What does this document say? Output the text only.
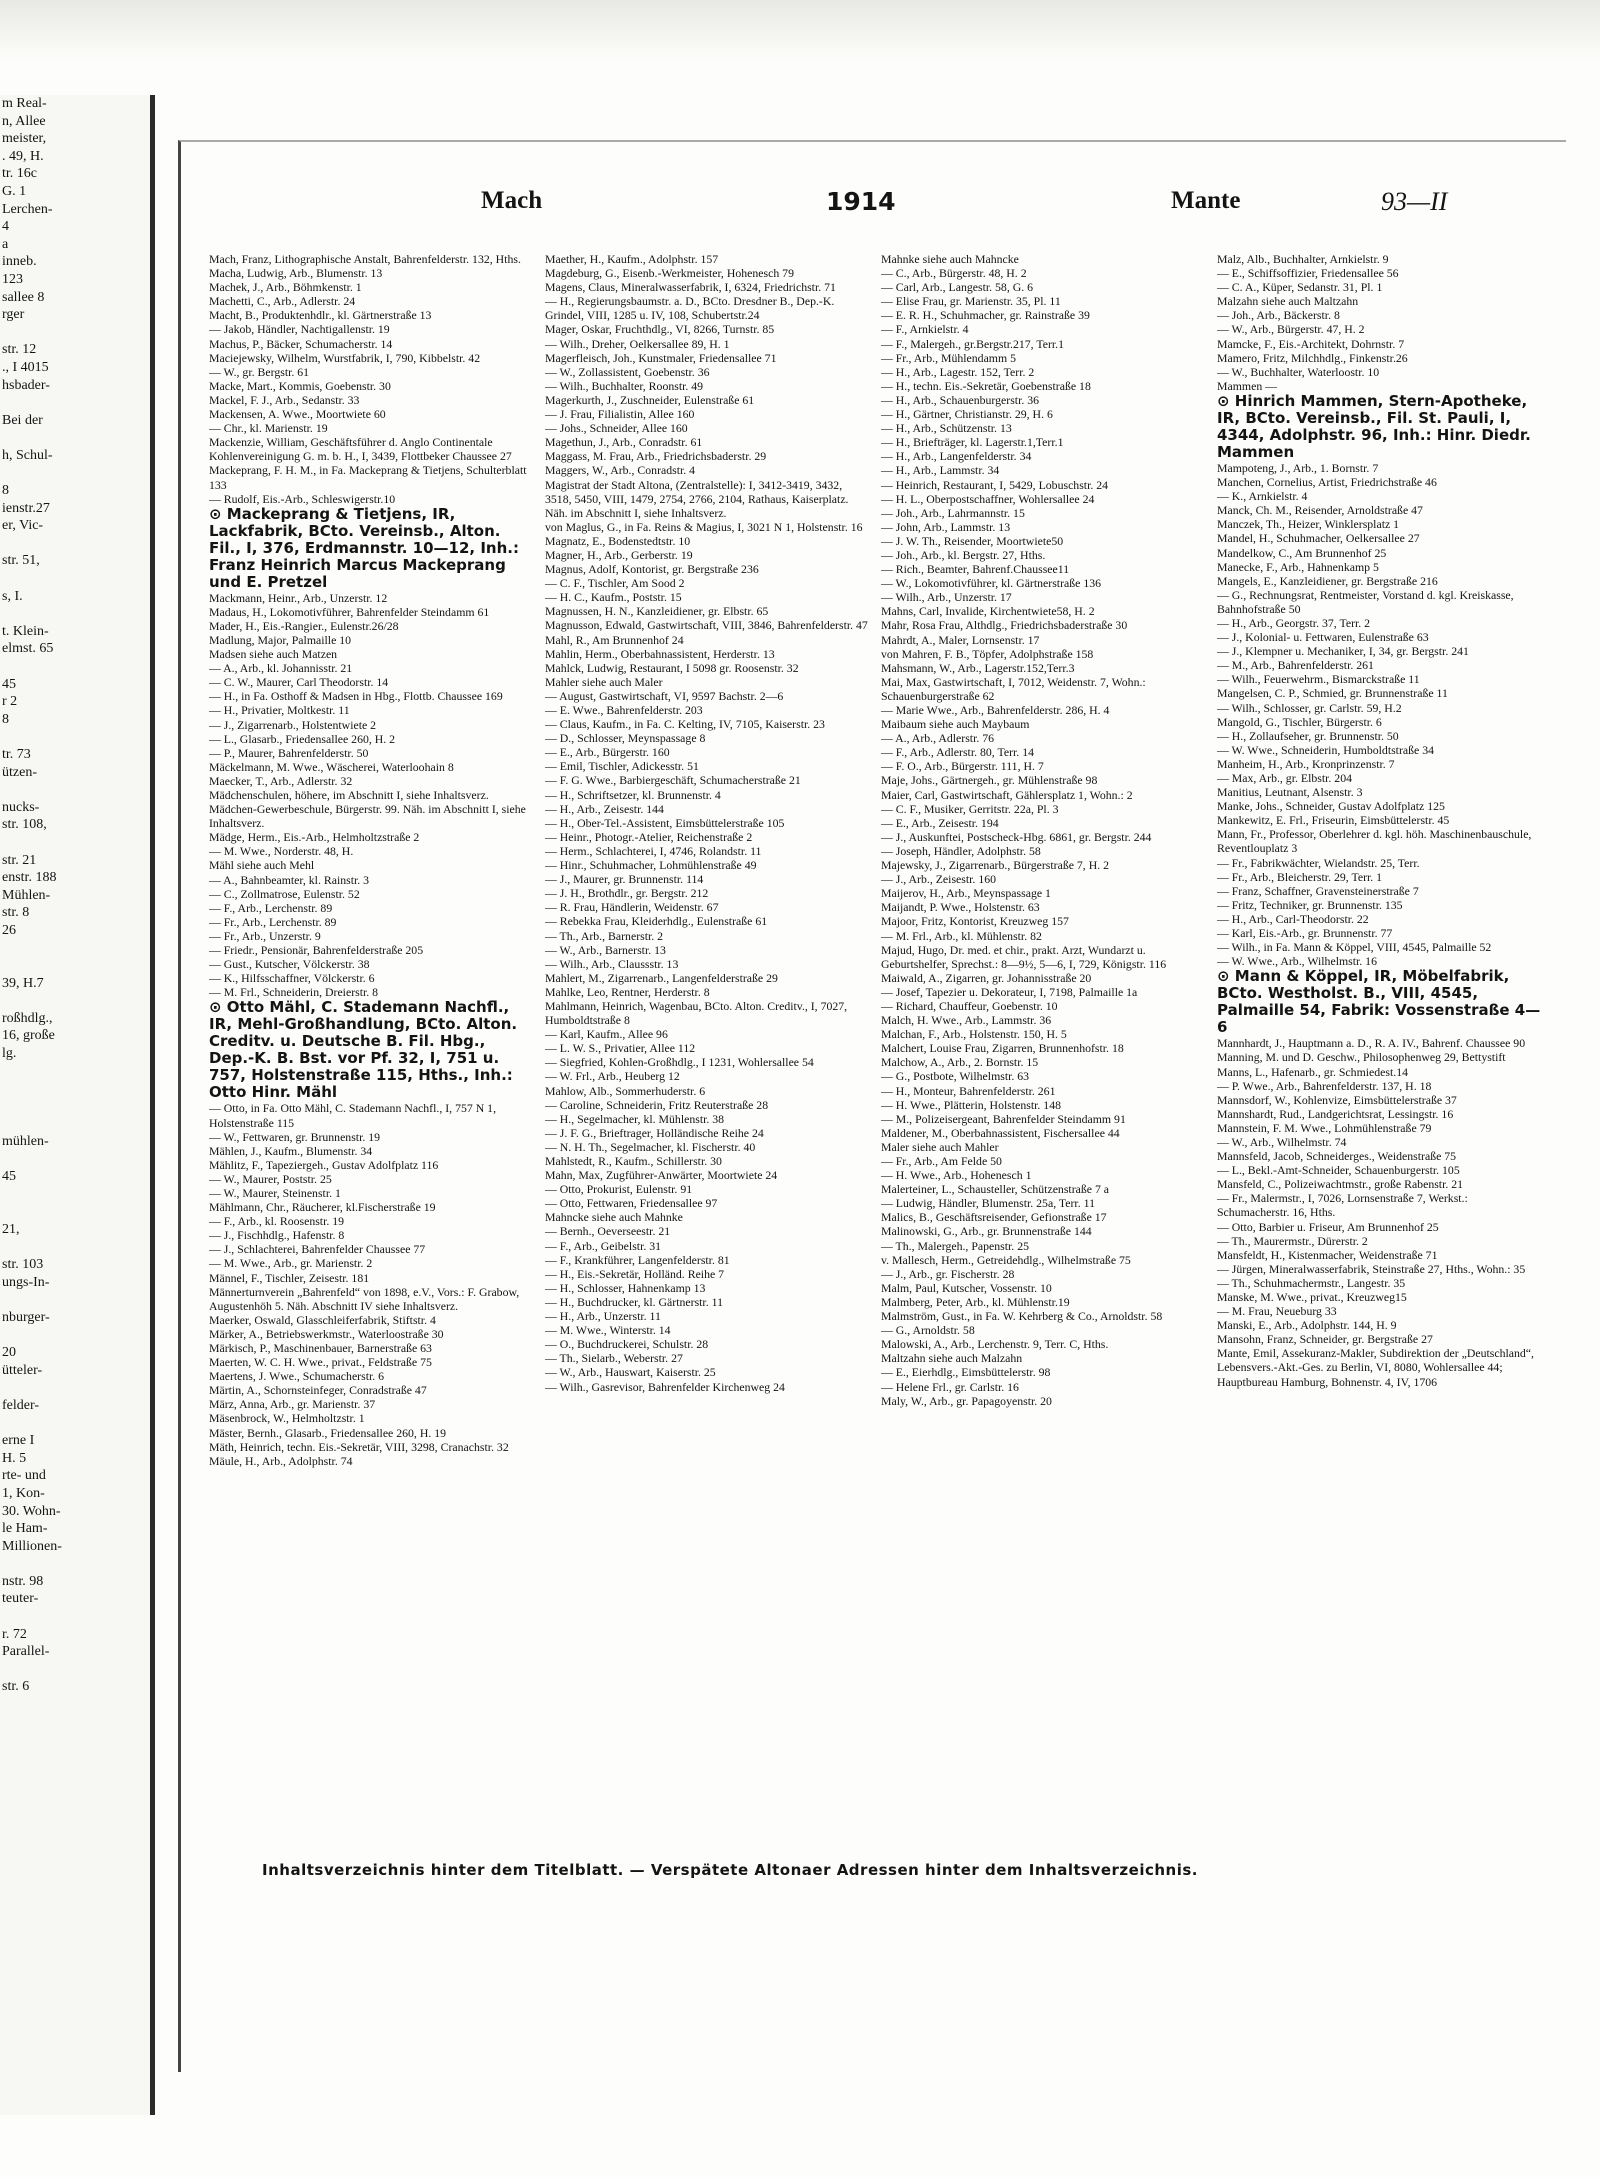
m Real-
n, Allee
meister,
. 49, H.
tr. 16c
G. 1
Lerchen-
4
a
inneb.
123
sallee 8
rger

str. 12
., I 4015
hsbader-

Bei der

h, Schul-

8
ienstr.27
er, Vic-

str. 51,

s, I.

t. Klein-
elmst. 65

45
r 2
8

tr. 73
ützen-

nucks-
str. 108,

str. 21
enstr. 188
Mühlen-
str. 8
26

39, H.7

roßhdlg.,
16, große
lg.

mühlen-

45

21,

str. 103
ungs-In-

nburger-

20
ütteler-

felder-

erne I
H. 5
rte- und
1, Kon-
30. Wohn-
le Ham-
Millionen-

nstr. 98
teuter-

r. 72
Parallel-

str. 6
Mach	1914	Mante	93—II
Mach, Franz, Lithographische Anstalt, Bahrenfelderstr. 132, Hths.
Macha, Ludwig, Arb., Blumenstr. 13
Machek, J., Arb., Böhmkenstr. 1
Machetti, C., Arb., Adlerstr. 24
Macht, B., Produktenhdlr., kl. Gärtnerstraße 13
— Jakob, Händler, Nachtigallenstr. 19
Machus, P., Bäcker, Schumacherstr. 14
Maciejewsky, Wilhelm, Wurstfabrik, I, 790, Kibbelstr. 42
— W., gr. Bergstr. 61
Macke, Mart., Kommis, Goebenstr. 30
Mackel, F. J., Arb., Sedanstr. 33
Mackensen, A. Wwe., Moortwiete 60
— Chr., kl. Marienstr. 19
Mackenzie, William, Geschäftsführer d. Anglo Continentale Kohlenvereinigung G. m. b. H., I, 3439, Flottbeker Chaussee 27
Mackeprang, F. H. M., in Fa. Mackeprang & Tietjens, Schulterblatt 133
— Rudolf, Eis.-Arb., Schleswigerstr.10
⊙ Mackeprang & Tietjens, IR, Lackfabrik, BCto. Vereinsb., Alton. Fil., I, 376, Erdmannstr. 10—12, Inh.: Franz Heinrich Marcus Mackeprang und E. Pretzel
Mackmann, Heinr., Arb., Unzerstr. 12
Madaus, H., Lokomotivführer, Bahrenfelder Steindamm 61
Mader, H., Eis.-Rangier., Eulenstr.26/28
Madlung, Major, Palmaille 10
Madsen siehe auch Matzen
— A., Arb., kl. Johannisstr. 21
— C. W., Maurer, Carl Theodorstr. 14
— H., in Fa. Osthoff & Madsen in Hbg., Flottb. Chaussee 169
— H., Privatier, Moltkestr. 11
— J., Zigarrenarb., Holstentwiete 2
— L., Glasarb., Friedensallee 260, H. 2
— P., Maurer, Bahrenfelderstr. 50
Mäckelmann, M. Wwe., Wäscherei, Waterloohain 8
Maecker, T., Arb., Adlerstr. 32
Mädchenschulen, höhere, im Abschnitt I, siehe Inhaltsverz.
Mädchen-Gewerbeschule, Bürgerstr. 99. Näh. im Abschnitt I, siehe Inhaltsverz.
Mädge, Herm., Eis.-Arb., Helmholtzstraße 2
— M. Wwe., Norderstr. 48, H.
Mähl siehe auch Mehl
— A., Bahnbeamter, kl. Rainstr. 3
— C., Zollmatrose, Eulenstr. 52
— F., Arb., Lerchenstr. 89
— Fr., Arb., Lerchenstr. 89
— Fr., Arb., Unzerstr. 9
— Friedr., Pensionär, Bahrenfelderstraße 205
— Gust., Kutscher, Völckerstr. 38
— K., Hilfsschaffner, Völckerstr. 6
— M. Frl., Schneiderin, Dreierstr. 8
⊙ Otto Mähl, C. Stademann Nachfl., IR, Mehl-Großhandlung, BCto. Alton. Creditv. u. Deutsche B. Fil. Hbg., Dep.-K. B. Bst. vor Pf. 32, I, 751 u. 757, Holstenstraße 115, Hths., Inh.: Otto Hinr. Mähl
— Otto, in Fa. Otto Mähl, C. Stademann Nachfl., I, 757 N 1, Holstenstraße 115
— W., Fettwaren, gr. Brunnenstr. 19
Mählen, J., Kaufm., Blumenstr. 34
Mählitz, F., Tapeziergeh., Gustav Adolfplatz 116
— W., Maurer, Poststr. 25
— W., Maurer, Steinenstr. 1
Mählmann, Chr., Räucherer, kl.Fischerstraße 19
— F., Arb., kl. Roosenstr. 19
— J., Fischhdlg., Hafenstr. 8
— J., Schlachterei, Bahrenfelder Chaussee 77
— M. Wwe., Arb., gr. Marienstr. 2
Männel, F., Tischler, Zeisestr. 181
Männerturnverein „Bahrenfeld“ von 1898, e.V., Vors.: F. Grabow, Augustenhöh 5. Näh. Abschnitt IV siehe Inhaltsverz.
Maerker, Oswald, Glasschleiferfabrik, Stiftstr. 4
Märker, A., Betriebswerkmstr., Waterloostraße 30
Märkisch, P., Maschinenbauer, Barnerstraße 63
Maerten, W. C. H. Wwe., privat., Feldstraße 75
Maertens, J. Wwe., Schumacherstr. 6
Märtin, A., Schornsteinfeger, Conradstraße 47
März, Anna, Arb., gr. Marienstr. 37
Mäsenbrock, W., Helmholtzstr. 1
Mäster, Bernh., Glasarb., Friedensallee 260, H. 19
Mäth, Heinrich, techn. Eis.-Sekretär, VIII, 3298, Cranachstr. 32
Mäule, H., Arb., Adolphstr. 74
Maether, H., Kaufm., Adolphstr. 157
Magdeburg, G., Eisenb.-Werkmeister, Hohenesch 79
Magens, Claus, Mineralwasserfabrik, I, 6324, Friedrichstr. 71
— H., Regierungsbaumstr. a. D., BCto. Dresdner B., Dep.-K. Grindel, VIII, 1285 u. IV, 108, Schubertstr.24
Mager, Oskar, Fruchthdlg., VI, 8266, Turnstr. 85
— Wilh., Dreher, Oelkersallee 89, H. 1
Magerfleisch, Joh., Kunstmaler, Friedensallee 71
— W., Zollassistent, Goebenstr. 36
— Wilh., Buchhalter, Roonstr. 49
Magerkurth, J., Zuschneider, Eulenstraße 61
— J. Frau, Filialistin, Allee 160
— Johs., Schneider, Allee 160
Magethun, J., Arb., Conradstr. 61
Maggass, M. Frau, Arb., Friedrichsbaderstr. 29
Maggers, W., Arb., Conradstr. 4
Magistrat der Stadt Altona, (Zentralstelle): I, 3412-3419, 3432, 3518, 5450, VIII, 1479, 2754, 2766, 2104, Rathaus, Kaiserplatz. Näh. im Abschnitt I, siehe Inhaltsverz.
von Maglus, G., in Fa. Reins & Magius, I, 3021 N 1, Holstenstr. 16
Magnatz, E., Bodenstedtstr. 10
Magner, H., Arb., Gerberstr. 19
Magnus, Adolf, Kontorist, gr. Bergstraße 236
— C. F., Tischler, Am Sood 2
— H. C., Kaufm., Poststr. 15
Magnussen, H. N., Kanzleidiener, gr. Elbstr. 65
Magnusson, Edwald, Gastwirtschaft, VIII, 3846, Bahrenfelderstr. 47
Mahl, R., Am Brunnenhof 24
Mahlin, Herm., Oberbahnassistent, Herderstr. 13
Mahlck, Ludwig, Restaurant, I 5098 gr. Roosenstr. 32
Mahler siehe auch Maler
— August, Gastwirtschaft, VI, 9597 Bachstr. 2—6
— E. Wwe., Bahrenfelderstr. 203
— Claus, Kaufm., in Fa. C. Kelting, IV, 7105, Kaiserstr. 23
— D., Schlosser, Meynspassage 8
— E., Arb., Bürgerstr. 160
— Emil, Tischler, Adickesstr. 51
— F. G. Wwe., Barbiergeschäft, Schumacherstraße 21
— H., Schriftsetzer, kl. Brunnenstr. 4
— H., Arb., Zeisestr. 144
— H., Ober-Tel.-Assistent, Eimsbüttelerstraße 105
— Heinr., Photogr.-Atelier, Reichenstraße 2
— Herm., Schlachterei, I, 4746, Rolandstr. 11
— Hinr., Schuhmacher, Lohmühlenstraße 49
— J., Maurer, gr. Brunnenstr. 114
— J. H., Brothdlr., gr. Bergstr. 212
— R. Frau, Händlerin, Weidenstr. 67
— Rebekka Frau, Kleiderhdlg., Eulenstraße 61
— Th., Arb., Barnerstr. 2
— W., Arb., Barnerstr. 13
— Wilh., Arb., Claussstr. 13
Mahlert, M., Zigarrenarb., Langenfelderstraße 29
Mahlke, Leo, Rentner, Herderstr. 8
Mahlmann, Heinrich, Wagenbau, BCto. Alton. Creditv., I, 7027, Humboldtstraße 8
— Karl, Kaufm., Allee 96
— L. W. S., Privatier, Allee 112
— Siegfried, Kohlen-Großhdlg., I 1231, Wohlersallee 54
— W. Frl., Arb., Heuberg 12
Mahlow, Alb., Sommerhuderstr. 6
— Caroline, Schneiderin, Fritz Reuterstraße 28
— H., Segelmacher, kl. Mühlenstr. 38
— J. F. G., Brieftrager, Holländische Reihe 24
— N. H. Th., Segelmacher, kl. Fischerstr. 40
Mahlstedt, R., Kaufm., Schillerstr. 30
Mahn, Max, Zugführer-Anwärter, Moortwiete 24
— Otto, Prokurist, Eulenstr. 91
— Otto, Fettwaren, Friedensallee 97
Mahncke siehe auch Mahnke
— Bernh., Oeverseestr. 21
— F., Arb., Geibelstr. 31
— F., Krankführer, Langenfelderstr. 81
— H., Eis.-Sekretär, Holländ. Reihe 7
— H., Schlosser, Hahnenkamp 13
— H., Buchdrucker, kl. Gärtnerstr. 11
— H., Arb., Unzerstr. 11
— M. Wwe., Winterstr. 14
— O., Buchdruckerei, Schulstr. 28
— Th., Sielarb., Weberstr. 27
— W., Arb., Hauswart, Kaiserstr. 25
— Wilh., Gasrevisor, Bahrenfelder Kirchenweg 24
Mahnke siehe auch Mahncke
— C., Arb., Bürgerstr. 48, H. 2
— Carl, Arb., Langestr. 58, G. 6
— Elise Frau, gr. Marienstr. 35, Pl. 11
— E. R. H., Schuhmacher, gr. Rainstraße 39
— F., Arnkielstr. 4
— F., Malergeh., gr.Bergstr.217, Terr.1
— Fr., Arb., Mühlendamm 5
— H., Arb., Lagestr. 152, Terr. 2
— H., techn. Eis.-Sekretär, Goebenstraße 18
— H., Arb., Schauenburgerstr. 36
— H., Gärtner, Christianstr. 29, H. 6
— H., Arb., Schützenstr. 13
— H., Briefträger, kl. Lagerstr.1,Terr.1
— H., Arb., Langenfelderstr. 34
— H., Arb., Lammstr. 34
— Heinrich, Restaurant, I, 5429, Lobuschstr. 24
— H. L., Oberpostschaffner, Wohlersallee 24
— Joh., Arb., Lahrmannstr. 15
— John, Arb., Lammstr. 13
— J. W. Th., Reisender, Moortwiete50
— Joh., Arb., kl. Bergstr. 27, Hths.
— Rich., Beamter, Bahrenf.Chaussee11
— W., Lokomotivführer, kl. Gärtnerstraße 136
— Wilh., Arb., Unzerstr. 17
Mahns, Carl, Invalide, Kirchentwiete58, H. 2
Mahr, Rosa Frau, Althdlg., Friedrichsbaderstraße 30
Mahrdt, A., Maler, Lornsenstr. 17
von Mahren, F. B., Töpfer, Adolphstraße 158
Mahsmann, W., Arb., Lagerstr.152,Terr.3
Mai, Max, Gastwirtschaft, I, 7012, Weidenstr. 7, Wohn.: Schauenburgerstraße 62
— Marie Wwe., Arb., Bahrenfelderstr. 286, H. 4
Maibaum siehe auch Maybaum
— A., Arb., Adlerstr. 76
— F., Arb., Adlerstr. 80, Terr. 14
— F. O., Arb., Bürgerstr. 111, H. 7
Maje, Johs., Gärtnergeh., gr. Mühlenstraße 98
Maier, Carl, Gastwirtschaft, Gählersplatz 1, Wohn.: 2
— C. F., Musiker, Gerritstr. 22a, Pl. 3
— E., Arb., Zeisestr. 194
— J., Auskunftei, Postscheck-Hbg. 6861, gr. Bergstr. 244
— Joseph, Händler, Adolphstr. 58
Majewsky, J., Zigarrenarb., Bürgerstraße 7, H. 2
— J., Arb., Zeisestr. 160
Maijerov, H., Arb., Meynspassage 1
Maijandt, P. Wwe., Holstenstr. 63
Majoor, Fritz, Kontorist, Kreuzweg 157
— M. Frl., Arb., kl. Mühlenstr. 82
Majud, Hugo, Dr. med. et chir., prakt. Arzt, Wundarzt u. Geburtshelfer, Sprechst.: 8—9½, 5—6, I, 729, Königstr. 116
Maiwald, A., Zigarren, gr. Johannisstraße 20
— Josef, Tapezier u. Dekorateur, I, 7198, Palmaille 1a
— Richard, Chauffeur, Goebenstr. 10
Malch, H. Wwe., Arb., Lammstr. 36
Malchan, F., Arb., Holstenstr. 150, H. 5
Malchert, Louise Frau, Zigarren, Brunnenhofstr. 18
Malchow, A., Arb., 2. Bornstr. 15
— G., Postbote, Wilhelmstr. 63
— H., Monteur, Bahrenfelderstr. 261
— H. Wwe., Plätterin, Holstenstr. 148
— M., Polizeisergeant, Bahrenfelder Steindamm 91
Maldener, M., Oberbahnassistent, Fischersallee 44
Maler siehe auch Mahler
— Fr., Arb., Am Felde 50
— H. Wwe., Arb., Hohenesch 1
Malerteiner, L., Schausteller, Schützenstraße 7 a
— Ludwig, Händler, Blumenstr. 25a, Terr. 11
Malics, B., Geschäftsreisender, Gefionstraße 17
Malinowski, G., Arb., gr. Brunnenstraße 144
— Th., Malergeh., Papenstr. 25
v. Mallesch, Herm., Getreidehdlg., Wilhelmstraße 75
— J., Arb., gr. Fischerstr. 28
Malm, Paul, Kutscher, Vossenstr. 10
Malmberg, Peter, Arb., kl. Mühlenstr.19
Malmström, Gust., in Fa. W. Kehrberg & Co., Arnoldstr. 58
— G., Arnoldstr. 58
Malowski, A., Arb., Lerchenstr. 9, Terr. C, Hths.
Maltzahn siehe auch Malzahn
— E., Eierhdlg., Eimsbüttelerstr. 98
— Helene Frl., gr. Carlstr. 16
Maly, W., Arb., gr. Papagoyenstr. 20
Malz, Alb., Buchhalter, Arnkielstr. 9
— E., Schiffsoffizier, Friedensallee 56
— C. A., Küper, Sedanstr. 31, Pl. 1
Malzahn siehe auch Maltzahn
— Joh., Arb., Bäckerstr. 8
— W., Arb., Bürgerstr. 47, H. 2
Mamcke, F., Eis.-Architekt, Dohrnstr. 7
Mamero, Fritz, Milchhdlg., Finkenstr.26
— W., Buchhalter, Waterloostr. 10
Mammen —
⊙ Hinrich Mammen, Stern-Apotheke, IR, BCto. Vereinsb., Fil. St. Pauli, I, 4344, Adolphstr. 96, Inh.: Hinr. Diedr. Mammen
Mampoteng, J., Arb., 1. Bornstr. 7
Manchen, Cornelius, Artist, Friedrichstraße 46
— K., Arnkielstr. 4
Manck, Ch. M., Reisender, Arnoldstraße 47
Manczek, Th., Heizer, Winklersplatz 1
Mandel, H., Schuhmacher, Oelkersallee 27
Mandelkow, C., Am Brunnenhof 25
Manecke, F., Arb., Hahnenkamp 5
Mangels, E., Kanzleidiener, gr. Bergstraße 216
— G., Rechnungsrat, Rentmeister, Vorstand d. kgl. Kreiskasse, Bahnhofstraße 50
— H., Arb., Georgstr. 37, Terr. 2
— J., Kolonial- u. Fettwaren, Eulenstraße 63
— J., Klempner u. Mechaniker, I, 34, gr. Bergstr. 241
— M., Arb., Bahrenfelderstr. 261
— Wilh., Feuerwehrm., Bismarckstraße 11
Mangelsen, C. P., Schmied, gr. Brunnenstraße 11
— Wilh., Schlosser, gr. Carlstr. 59, H.2
Mangold, G., Tischler, Bürgerstr. 6
— H., Zollaufseher, gr. Brunnenstr. 50
— W. Wwe., Schneiderin, Humboldtstraße 34
Manheim, H., Arb., Kronprinzenstr. 7
— Max, Arb., gr. Elbstr. 204
Manitius, Leutnant, Alsenstr. 3
Manke, Johs., Schneider, Gustav Adolfplatz 125
Mankewitz, E. Frl., Friseurin, Eimsbüttelerstr. 45
Mann, Fr., Professor, Oberlehrer d. kgl. höh. Maschinenbauschule, Reventlouplatz 3
— Fr., Fabrikwächter, Wielandstr. 25, Terr.
— Fr., Arb., Bleicherstr. 29, Terr. 1
— Franz, Schaffner, Gravensteinerstraße 7
— Fritz, Techniker, gr. Brunnenstr. 135
— H., Arb., Carl-Theodorstr. 22
— Karl, Eis.-Arb., gr. Brunnenstr. 77
— Wilh., in Fa. Mann & Köppel, VIII, 4545, Palmaille 52
— W. Wwe., Arb., Wilhelmstr. 16
⊙ Mann & Köppel, IR, Möbelfabrik, BCto. Westholst. B., VIII, 4545, Palmaille 54, Fabrik: Vossenstraße 4—6
Mannhardt, J., Hauptmann a. D., R. A. IV., Bahrenf. Chaussee 90
Manning, M. und D. Geschw., Philosophenweg 29, Bettystift
Manns, L., Hafenarb., gr. Schmiedest.14
— P. Wwe., Arb., Bahrenfelderstr. 137, H. 18
Mannsdorf, W., Kohlenvize, Eimsbüttelerstraße 37
Mannshardt, Rud., Landgerichtsrat, Lessingstr. 16
Mannstein, F. M. Wwe., Lohmühlenstraße 79
— W., Arb., Wilhelmstr. 74
Mannsfeld, Jacob, Schneiderges., Weidenstraße 75
— L., Bekl.-Amt-Schneider, Schauenburgerstr. 105
Mansfeld, C., Polizeiwachtmstr., große Rabenstr. 21
— Fr., Malermstr., I, 7026, Lornsenstraße 7, Werkst.: Schumacherstr. 16, Hths.
— Otto, Barbier u. Friseur, Am Brunnenhof 25
— Th., Maurermstr., Dürerstr. 2
Mansfeldt, H., Kistenmacher, Weidenstraße 71
— Jürgen, Mineralwasserfabrik, Steinstraße 27, Hths., Wohn.: 35
— Th., Schuhmachermstr., Langestr. 35
Manske, M. Wwe., privat., Kreuzweg15
— M. Frau, Neueburg 33
Manski, E., Arb., Adolphstr. 144, H. 9
Mansohn, Franz, Schneider, gr. Bergstraße 27
Mante, Emil, Assekuranz-Makler, Subdirektion der „Deutschland“, Lebensvers.-Akt.-Ges. zu Berlin, VI, 8080, Wohlersallee 44; Hauptbureau Hamburg, Bohnenstr. 4, IV, 1706
Inhaltsverzeichnis hinter dem Titelblatt. — Verspätete Altonaer Adressen hinter dem Inhaltsverzeichnis.
